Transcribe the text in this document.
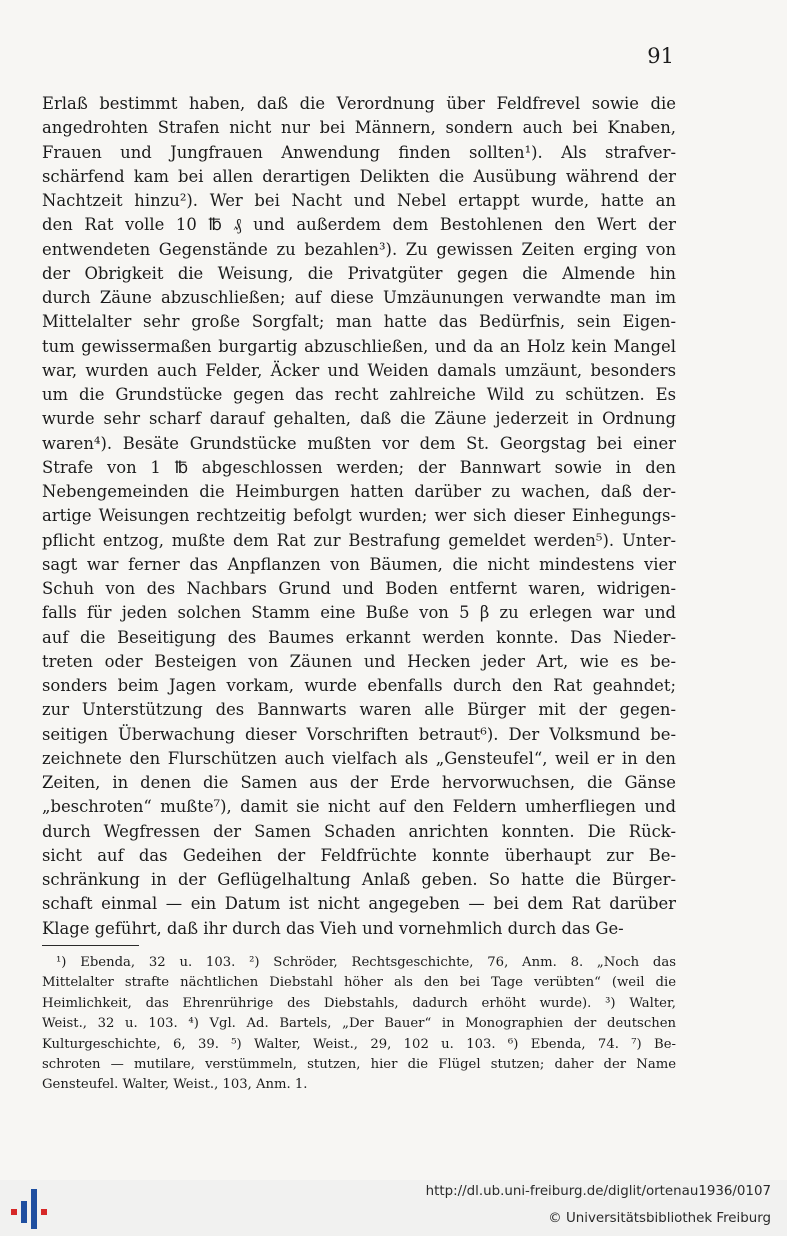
91
Erlaß bestimmt haben, daß die Verordnung über Feldfrevel sowie die
angedrohten Strafen nicht nur bei Männern, sondern auch bei Knaben,
Frauen und Jungfrauen Anwendung finden sollten¹). Als strafver-
schärfend kam bei allen derartigen Delikten die Ausübung während der
Nachtzeit hinzu²). Wer bei Nacht und Nebel ertappt wurde, hatte an
den Rat volle 10 ℔ ₰ und außerdem dem Bestohlenen den Wert der
entwendeten Gegenstände zu bezahlen³). Zu gewissen Zeiten erging von
der Obrigkeit die Weisung, die Privatgüter gegen die Almende hin
durch Zäune abzuschließen; auf diese Umzäunungen verwandte man im
Mittelalter sehr große Sorgfalt; man hatte das Bedürfnis, sein Eigen-
tum gewissermaßen burgartig abzuschließen, und da an Holz kein Mangel
war, wurden auch Felder, Äcker und Weiden damals umzäunt, besonders
um die Grundstücke gegen das recht zahlreiche Wild zu schützen. Es
wurde sehr scharf darauf gehalten, daß die Zäune jederzeit in Ordnung
waren⁴). Besäte Grundstücke mußten vor dem St. Georgstag bei einer
Strafe von 1 ℔ abgeschlossen werden; der Bannwart sowie in den
Nebengemeinden die Heimburgen hatten darüber zu wachen, daß der-
artige Weisungen rechtzeitig befolgt wurden; wer sich dieser Einhegungs-
pflicht entzog, mußte dem Rat zur Bestrafung gemeldet werden⁵). Unter-
sagt war ferner das Anpflanzen von Bäumen, die nicht mindestens vier
Schuh von des Nachbars Grund und Boden entfernt waren, widrigen-
falls für jeden solchen Stamm eine Buße von 5 β zu erlegen war und
auf die Beseitigung des Baumes erkannt werden konnte. Das Nieder-
treten oder Besteigen von Zäunen und Hecken jeder Art, wie es be-
sonders beim Jagen vorkam, wurde ebenfalls durch den Rat geahndet;
zur Unterstützung des Bannwarts waren alle Bürger mit der gegen-
seitigen Überwachung dieser Vorschriften betraut⁶). Der Volksmund be-
zeichnete den Flurschützen auch vielfach als „Gensteufel“, weil er in den
Zeiten, in denen die Samen aus der Erde hervorwuchsen, die Gänse
„beschroten“ mußte⁷), damit sie nicht auf den Feldern umherfliegen und
durch Wegfressen der Samen Schaden anrichten konnten. Die Rück-
sicht auf das Gedeihen der Feldfrüchte konnte überhaupt zur Be-
schränkung in der Geflügelhaltung Anlaß geben. So hatte die Bürger-
schaft einmal — ein Datum ist nicht angegeben — bei dem Rat darüber
Klage geführt, daß ihr durch das Vieh und vornehmlich durch das Ge-
¹) Ebenda, 32 u. 103. ²) Schröder, Rechtsgeschichte, 76, Anm. 8. „Noch das
Mittelalter strafte nächtlichen Diebstahl höher als den bei Tage verübten“ (weil die
Heimlichkeit, das Ehrenrührige des Diebstahls, dadurch erhöht wurde). ³) Walter,
Weist., 32 u. 103. ⁴) Vgl. Ad. Bartels, „Der Bauer“ in Monographien der deutschen
Kulturgeschichte, 6, 39. ⁵) Walter, Weist., 29, 102 u. 103. ⁶) Ebenda, 74. ⁷) Be-
schroten — mutilare, verstümmeln, stutzen, hier die Flügel stutzen; daher der Name
Gensteufel. Walter, Weist., 103, Anm. 1.
http://dl.ub.uni-freiburg.de/diglit/ortenau1936/0107
© Universitätsbibliothek Freiburg
